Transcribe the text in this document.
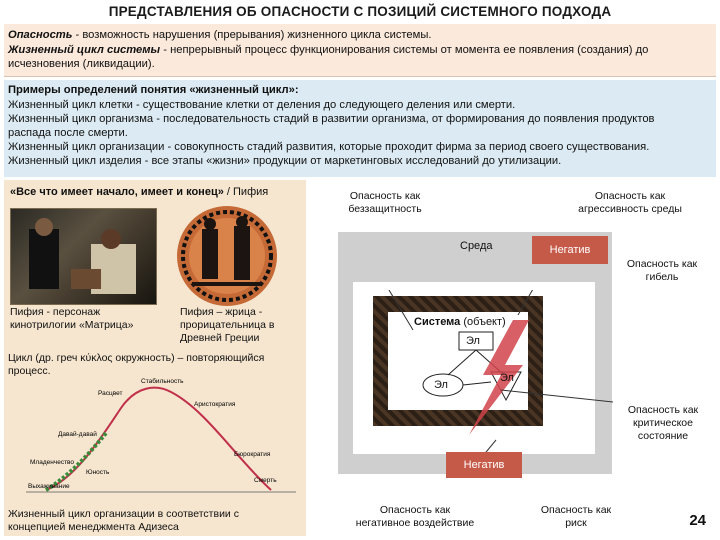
ПРЕДСТАВЛЕНИЯ ОБ ОПАСНОСТИ С ПОЗИЦИЙ СИСТЕМНОГО ПОДХОДА
Опасность - возможность нарушения (прерывания) жизненного цикла системы.
Жизненный цикл системы - непрерывный процесс функционирования системы от момента ее появления (создания) до
исчезновения (ликвидации).
Примеры определений понятия «жизненный цикл»:
Жизненный цикл клетки - существование клетки от деления до следующего деления или смерти.
Жизненный цикл организма - последовательность стадий в развитии организма, от формирования до появления продуктов
распада после смерти.
Жизненный цикл организации - совокупность стадий развития, которые проходит фирма за период своего существования.
Жизненный цикл изделия - все этапы «жизни» продукции от маркетинговых исследований до утилизации.
«Все что имеет начало, имеет и конец» / Пифия
Пифия - персонаж
кинотрилогии «Матрица»
Пифия – жрица -
прорицательница в
Древней Греции
Цикл (др. греч κύκλος окружность) – повторяющийся
процесс.
Жизненный цикл организации в соответствии с
концепцией менеджмента Адизеса
Стабильность
Расцвет
Аристократия
Давай-давай
Младенчество
Выхаживание
Бюрократия
Смерть
Юность
Опасность как
беззащитность
Опасность как
агрессивность среды
Среда	Негатив
Опасность как
гибель
Система (объект)
Эл
Эл
Эл
Опасность как
критическое
состояние
Негатив
Опасность как
негативное воздействие
Опасность как
риск	24
